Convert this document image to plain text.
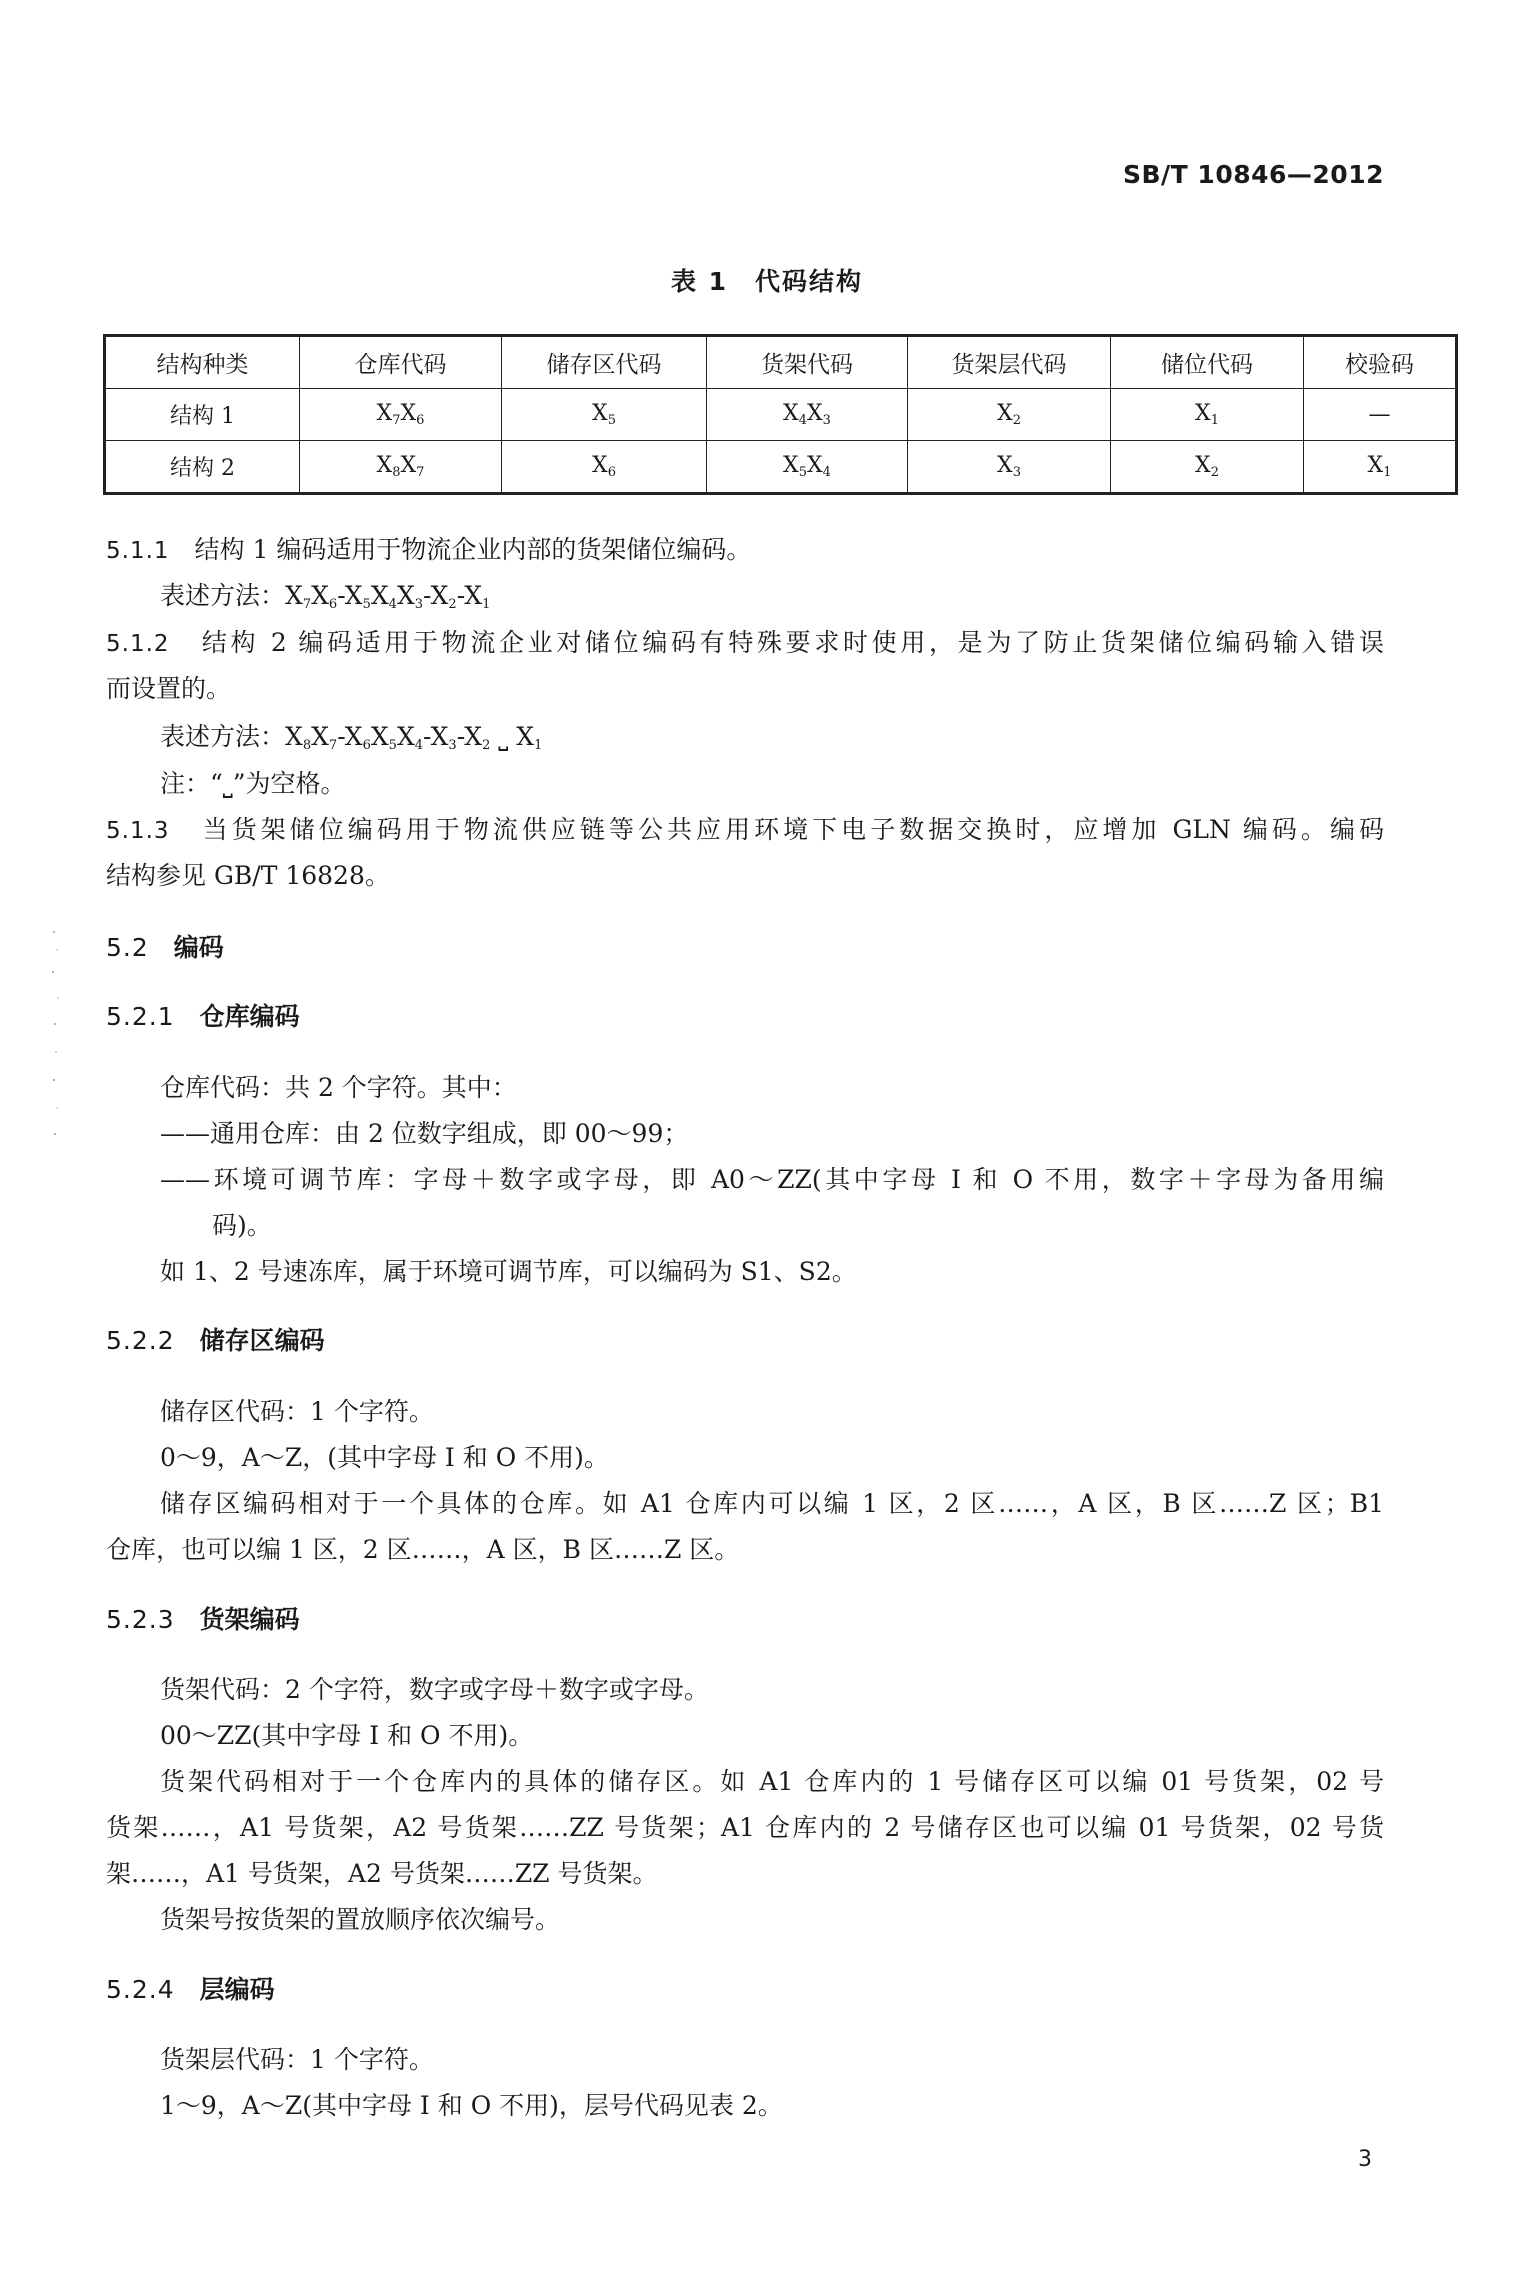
SB/T 10846—2012
表 1　代码结构
结构种类	仓库代码	储存区代码	货架代码	货架层代码	储位代码	校验码
结构 1	$X_7X_6$	$X_5$	$X_4X_3$	$X_2$	$X_1$	—
结构 2	$X_8X_7$	$X_6$	$X_5X_4$	$X_3$	$X_2$	$X_1$
5.1.1　 结构 1 编码适用于物流企业内部的货架储位编码。
表述方法：$X_7X_6-X_5X_4X_3-X_2-X_1$
5.1.2　 结构 2 编码适用于物流企业对储位编码有特殊要求时使用，是为了防止货架储位编码输入错误
而设置的。
表述方法：$X_8X_7-X_6X_5X_4-X_3-X_2$ ⎵ $X_1$
注：“⎵”为空格。
5.1.3　 当货架储位编码用于物流供应链等公共应用环境下电子数据交换时，应增加 GLN 编码。编码
结构参见 GB/T 16828。
5.2　 编码
5.2.1　 仓库编码
仓库代码：共 2 个字符。其中：
——通用仓库：由 2 位数字组成，即 00～99；
——环境可调节库：字母＋数字或字母，即 A0～ZZ(其中字母 I 和 O 不用，数字＋字母为备用编
码)。
如 1、2 号速冻库，属于环境可调节库，可以编码为 S1、S2。
5.2.2　 储存区编码
储存区代码：1 个字符。
0～9，A～Z，(其中字母 I 和 O 不用)。
储存区编码相对于一个具体的仓库。如 A1 仓库内可以编 1 区，2 区……，A 区，B 区……Z 区；B1
仓库，也可以编 1 区，2 区……，A 区，B 区……Z 区。
5.2.3　 货架编码
货架代码：2 个字符，数字或字母＋数字或字母。
00～ZZ(其中字母 I 和 O 不用)。
货架代码相对于一个仓库内的具体的储存区。如 A1 仓库内的 1 号储存区可以编 01 号货架，02 号
货架……，A1 号货架，A2 号货架……ZZ 号货架；A1 仓库内的 2 号储存区也可以编 01 号货架，02 号货
架……，A1 号货架，A2 号货架……ZZ 号货架。
货架号按货架的置放顺序依次编号。
5.2.4　 层编码
货架层代码：1 个字符。
1～9，A～Z(其中字母 I 和 O 不用)，层号代码见表 2。
3
